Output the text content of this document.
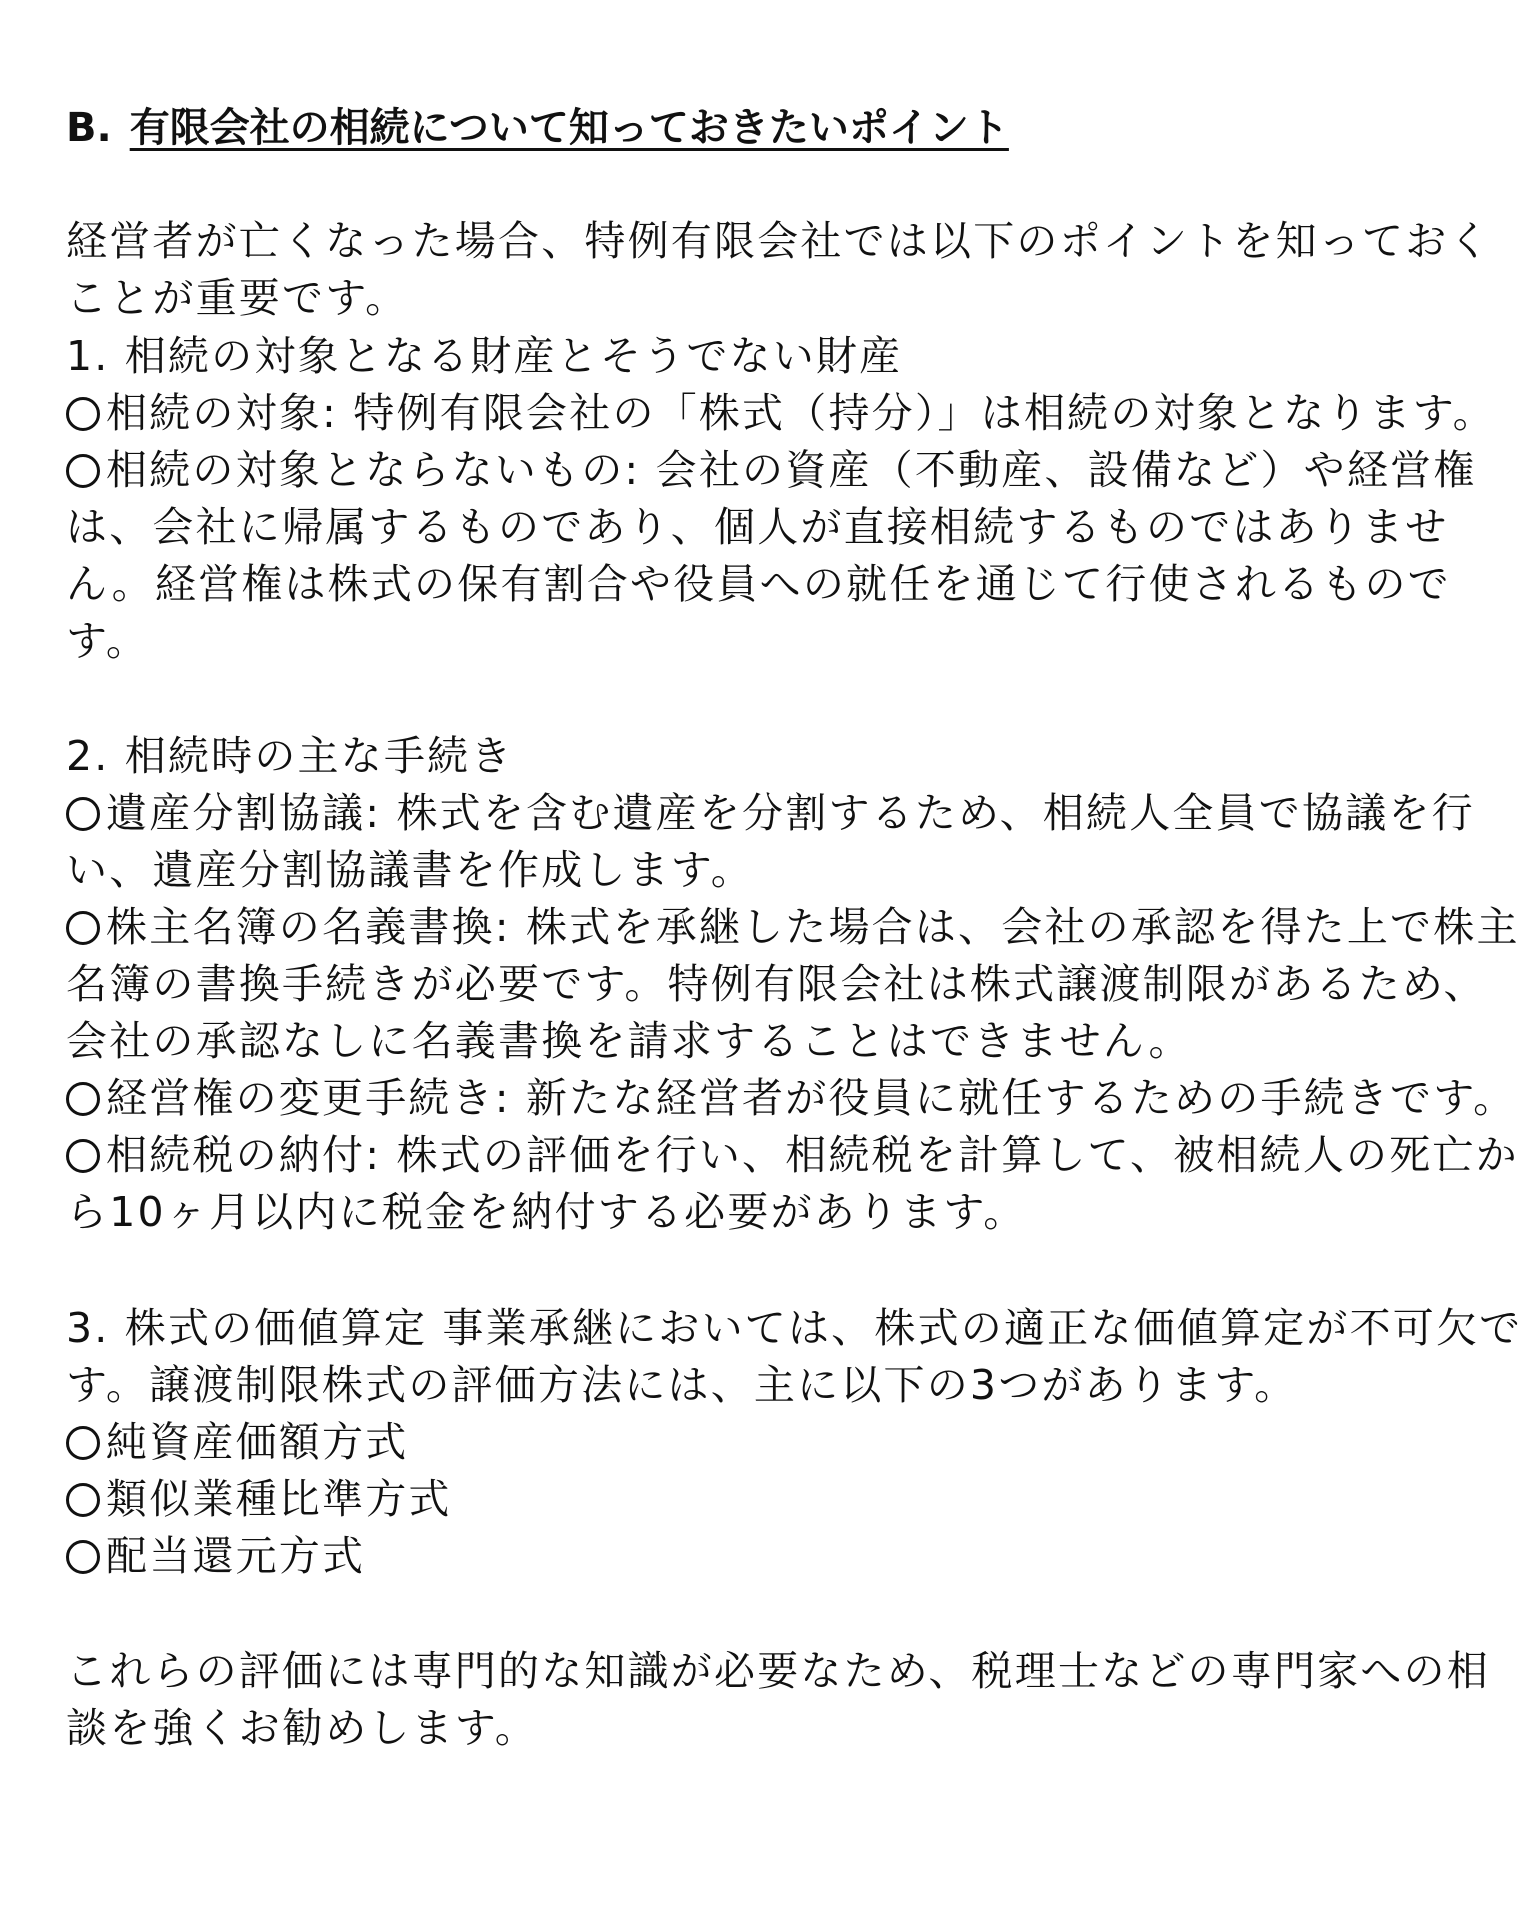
B. 有限会社の相続について知っておきたいポイント
経営者が亡くなった場合、特例有限会社では以下のポイントを知っておく
ことが重要です。
1. 相続の対象となる財産とそうでない財産
相続の対象: 特例有限会社の「株式（持分）」は相続の対象となります。
相続の対象とならないもの: 会社の資産（不動産、設備など）や経営権
は、会社に帰属するものであり、個人が直接相続するものではありませ
ん。経営権は株式の保有割合や役員への就任を通じて行使されるもので
す。
2. 相続時の主な手続き
遺産分割協議: 株式を含む遺産を分割するため、相続人全員で協議を行
い、遺産分割協議書を作成します。
株主名簿の名義書換: 株式を承継した場合は、会社の承認を得た上で株主
名簿の書換手続きが必要です。特例有限会社は株式譲渡制限があるため、
会社の承認なしに名義書換を請求することはできません。
経営権の変更手続き: 新たな経営者が役員に就任するための手続きです。
相続税の納付: 株式の評価を行い、相続税を計算して、被相続人の死亡か
ら10ヶ月以内に税金を納付する必要があります。
3. 株式の価値算定 事業承継においては、株式の適正な価値算定が不可欠で
す。譲渡制限株式の評価方法には、主に以下の3つがあります。
純資産価額方式
類似業種比準方式
配当還元方式
これらの評価には専門的な知識が必要なため、税理士などの専門家への相
談を強くお勧めします。
